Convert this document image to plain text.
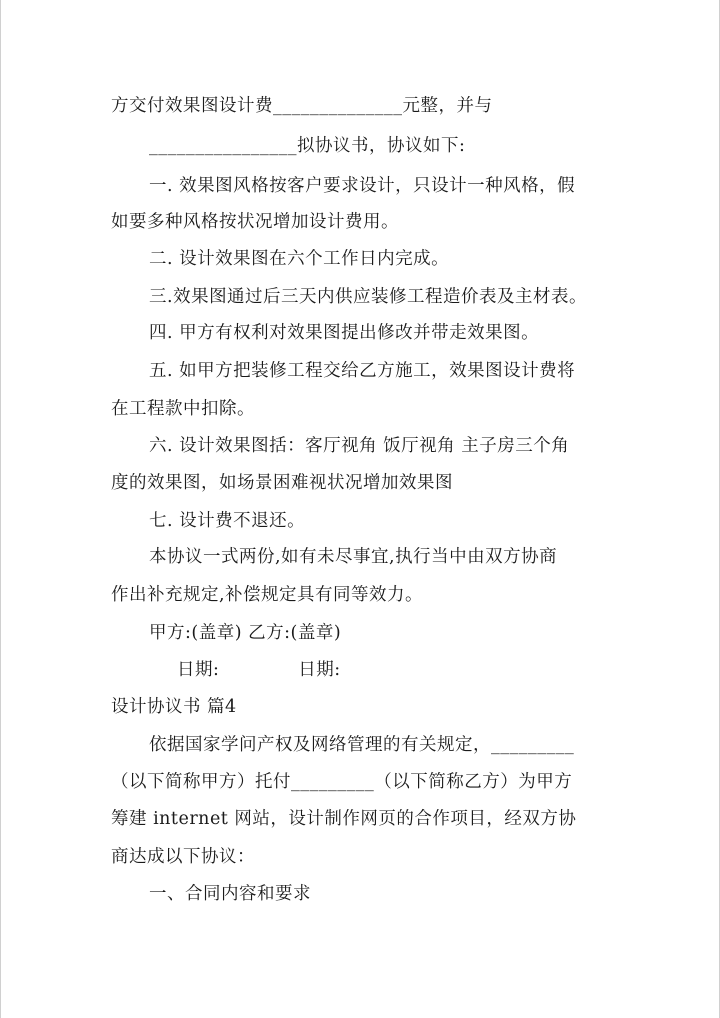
方交付效果图设计费______________元整，并与
________________拟协议书，协议如下:
一. 效果图风格按客户要求设计，只设计一种风格，假
如要多种风格按状况增加设计费用。
二. 设计效果图在六个工作日内完成。
三.效果图通过后三天内供应装修工程造价表及主材表。
四. 甲方有权利对效果图提出修改并带走效果图。
五. 如甲方把装修工程交给乙方施工，效果图设计费将
在工程款中扣除。
六. 设计效果图括：客厅视角 饭厅视角 主子房三个角
度的效果图，如场景困难视状况增加效果图
七. 设计费不退还。
本协议一式两份,如有未尽事宜,执行当中由双方协商
作出补充规定,补偿规定具有同等效力。
甲方:(盖章) 乙方:(盖章)
日期:             日期:
设计协议书 篇4
依据国家学问产权及网络管理的有关规定，_________
（以下简称甲方）托付_________（以下简称乙方）为甲方
筹建 internet 网站，设计制作网页的合作项目，经双方协
商达成以下协议：
一、合同内容和要求
